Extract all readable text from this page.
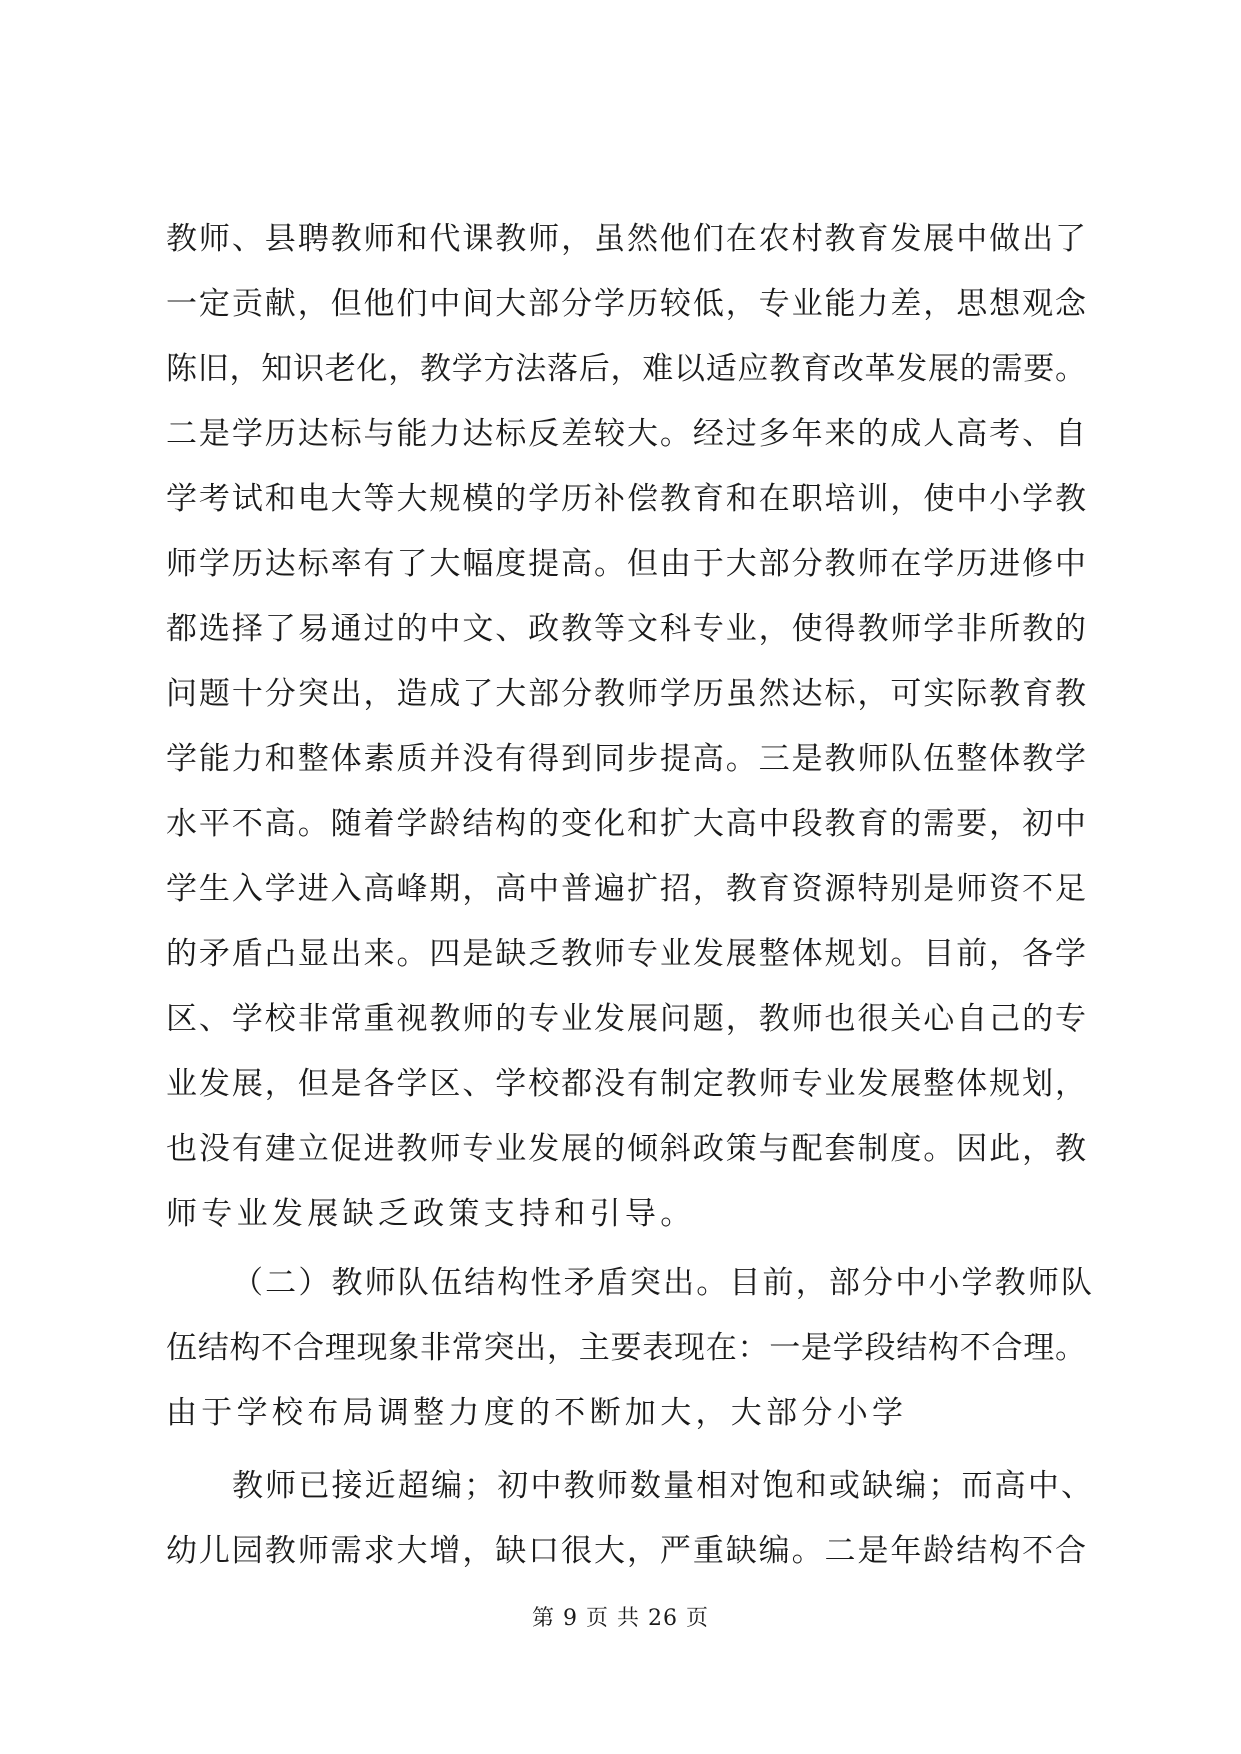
教师、县聘教师和代课教师，虽然他们在农村教育发展中做出了
一定贡献，但他们中间大部分学历较低，专业能力差，思想观念
陈旧，知识老化，教学方法落后，难以适应教育改革发展的需要。
二是学历达标与能力达标反差较大。经过多年来的成人高考、自
学考试和电大等大规模的学历补偿教育和在职培训，使中小学教
师学历达标率有了大幅度提高。但由于大部分教师在学历进修中
都选择了易通过的中文、政教等文科专业，使得教师学非所教的
问题十分突出，造成了大部分教师学历虽然达标，可实际教育教
学能力和整体素质并没有得到同步提高。三是教师队伍整体教学
水平不高。随着学龄结构的变化和扩大高中段教育的需要，初中
学生入学进入高峰期，高中普遍扩招，教育资源特别是师资不足
的矛盾凸显出来。四是缺乏教师专业发展整体规划。目前，各学
区、学校非常重视教师的专业发展问题，教师也很关心自己的专
业发展，但是各学区、学校都没有制定教师专业发展整体规划，
也没有建立促进教师专业发展的倾斜政策与配套制度。因此，教
师专业发展缺乏政策支持和引导。
（二）教师队伍结构性矛盾突出。目前，部分中小学教师队
伍结构不合理现象非常突出，主要表现在：一是学段结构不合理。
由于学校布局调整力度的不断加大，大部分小学
教师已接近超编；初中教师数量相对饱和或缺编；而高中、
幼儿园教师需求大增，缺口很大，严重缺编。二是年龄结构不合
第 9 页 共 26 页
